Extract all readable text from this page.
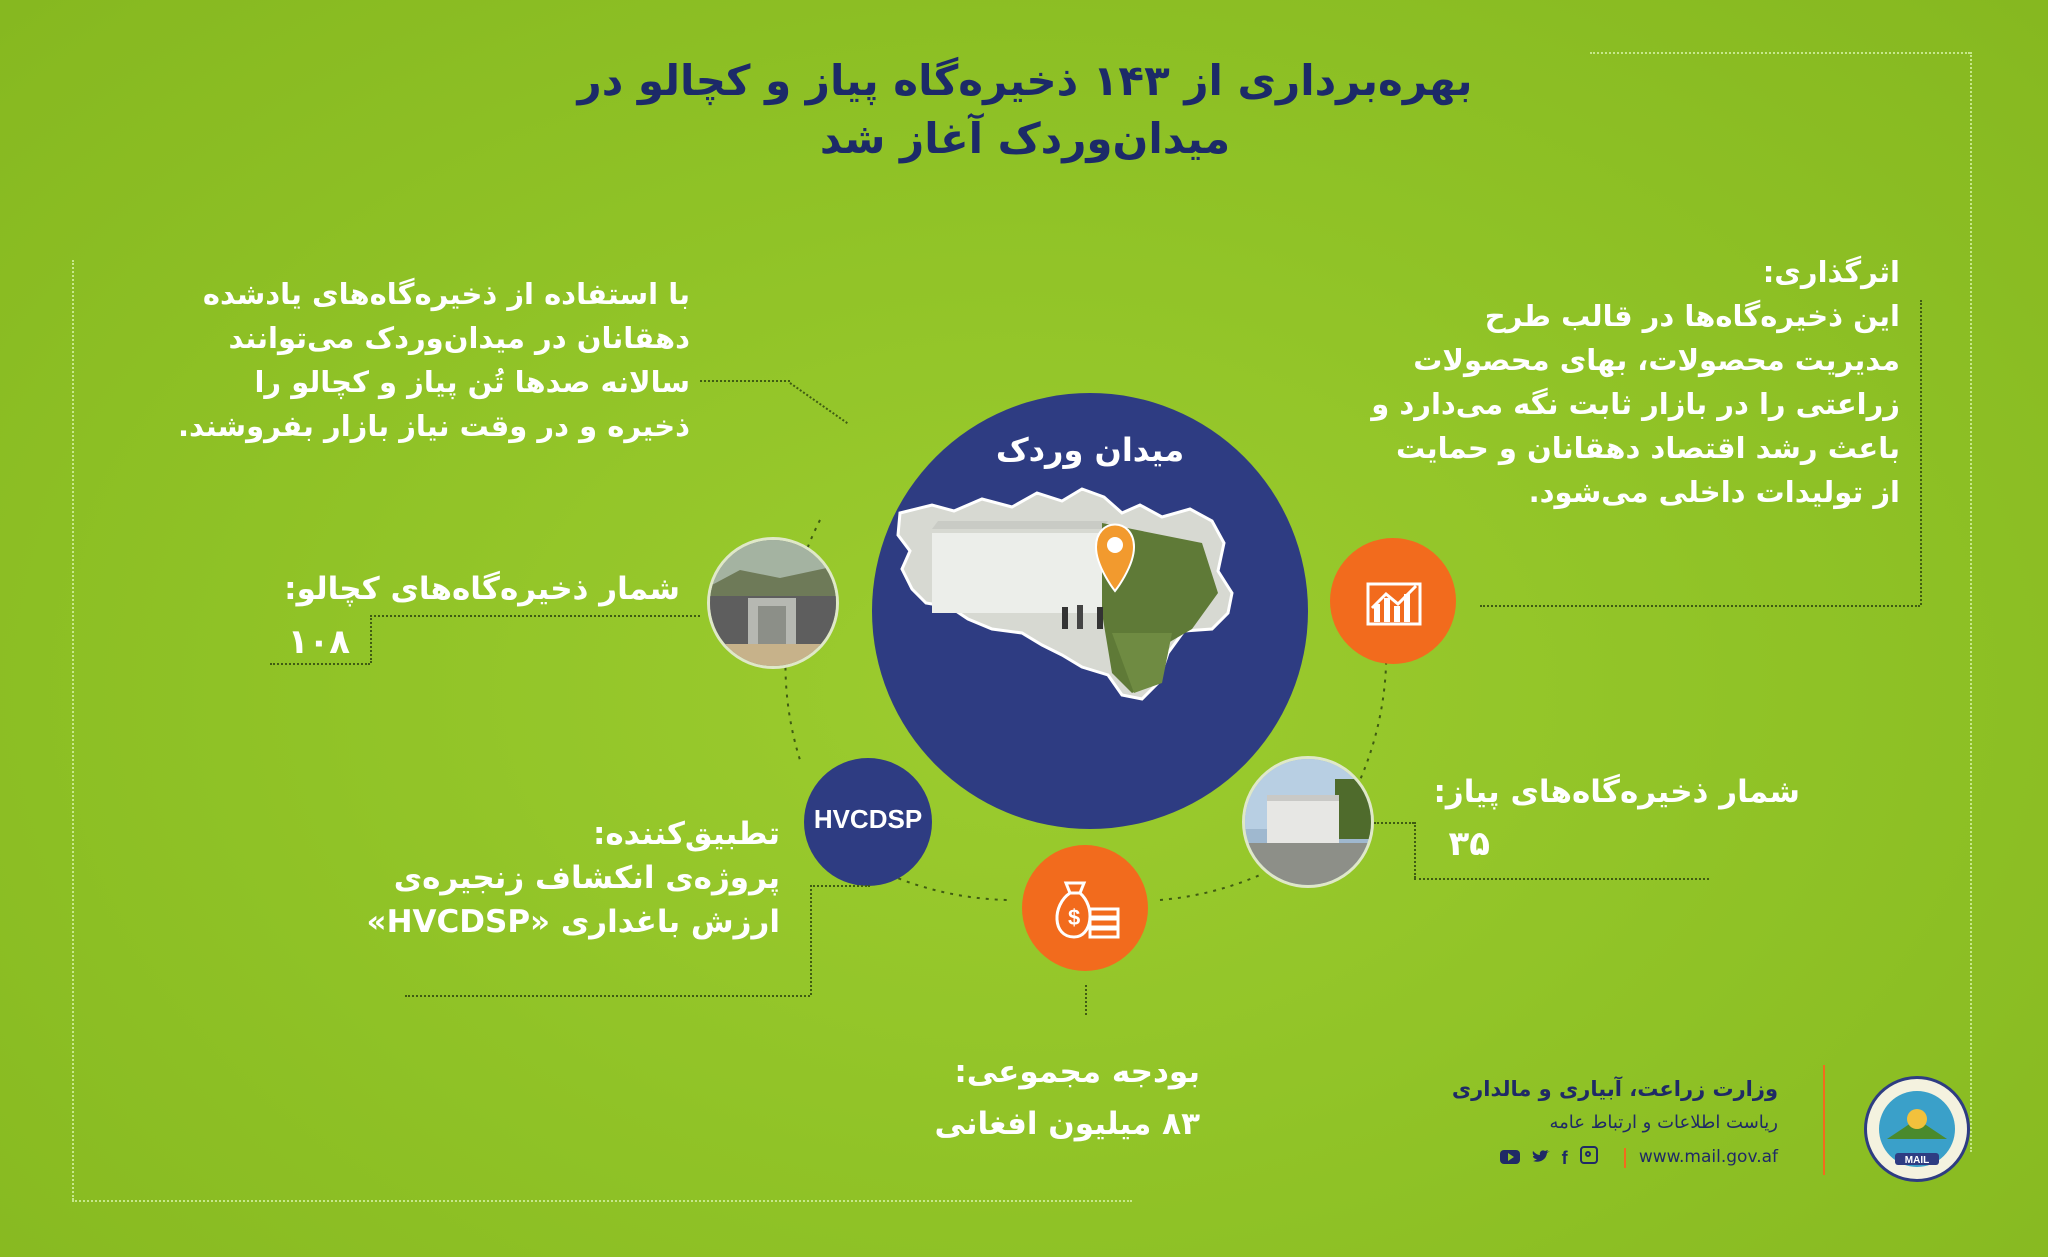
بهره‌برداری از ۱۴۳ ذخیره‌گاه پیاز و کچالو در
میدان‌وردک آغاز شد
با استفاده از ذخیره‌گاه‌های یادشده
دهقانان در میدان‌وردک می‌توانند
سالانه صدها تُن پیاز و کچالو را
ذخیره و در وقت نیاز بازار بفروشند.
اثرگذاری:
این ذخیره‌گاه‌ها در قالب طرح
مدیریت محصولات، بهای محصولات
زراعتی را در بازار ثابت نگه می‌دارد و
باعث رشد اقتصاد دهقانان و حمایت
از تولیدات داخلی می‌شود.
میدان وردک
شمار ذخیره‌گاه‌های کچالو:
۱۰۸
HVCDSP
تطبیق‌کننده:
پروژه‌ی انکشاف زنجیره‌ی
ارزش باغداری «HVCDSP»	$
شمار ذخیره‌گاه‌های پیاز:
۳۵
بودجه مجموعی:
۸۳ میلیون افغانی
وزارت زراعت، آبیاری و مالداری
ریاست اطلاعات و ارتباط عامه
f	www.mail.gov.af	MAIL
